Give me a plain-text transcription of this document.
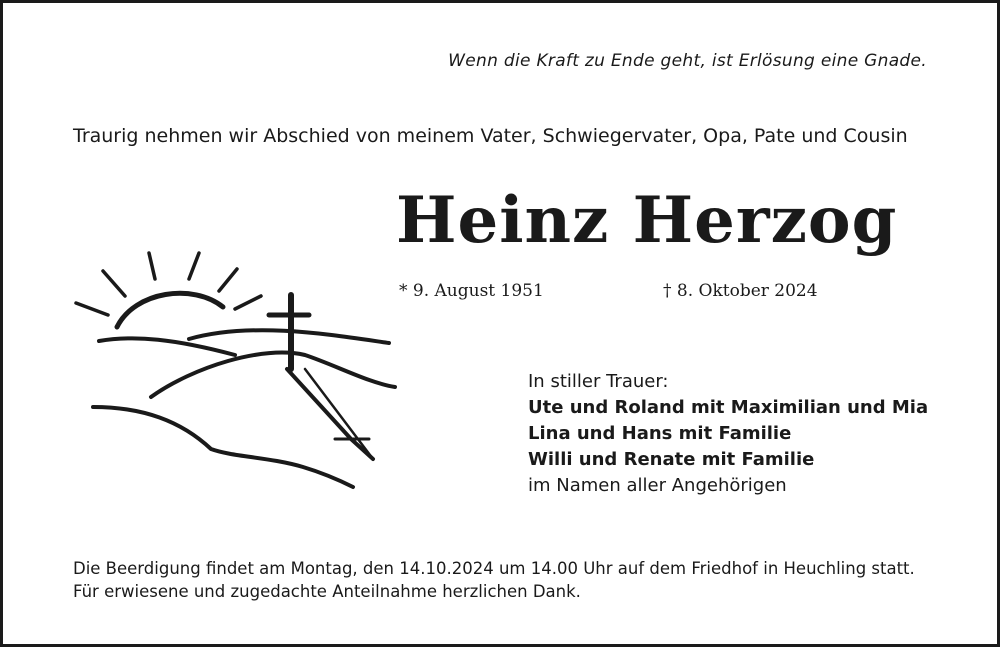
Wenn die Kraft zu Ende geht, ist Erlösung eine Gnade.
Traurig nehmen wir Abschied von meinem Vater, Schwiegervater, Opa, Pate und Cousin
Heinz Herzog
* 9. August 1951	† 8. Oktober 2024
In stiller Trauer:
Ute und Roland mit Maximilian und Mia
Lina und Hans mit Familie
Willi und Renate mit Familie
im Namen aller Angehörigen
Die Beerdigung findet am Montag, den 14.10.2024 um 14.00 Uhr auf dem Friedhof in Heuchling statt.
Für erwiesene und zugedachte Anteilnahme herzlichen Dank.
